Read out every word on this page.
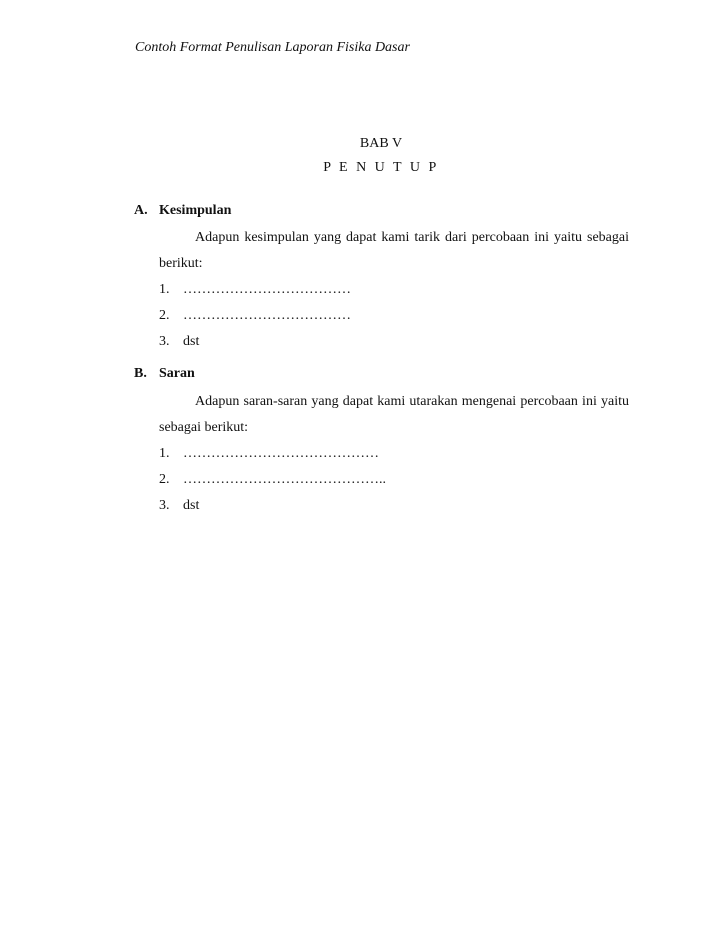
Contoh Format Penulisan Laporan Fisika Dasar
BAB V
P E N U T U P
A. Kesimpulan

Adapun kesimpulan yang dapat kami tarik dari percobaan ini yaitu sebagai berikut:

1. ………………………………
2. ………………………………
3. dst
B. Saran

Adapun saran-saran yang dapat kami utarakan mengenai percobaan ini yaitu sebagai berikut:

1. ……………………………………
2. ……………………………………..
3. dst
